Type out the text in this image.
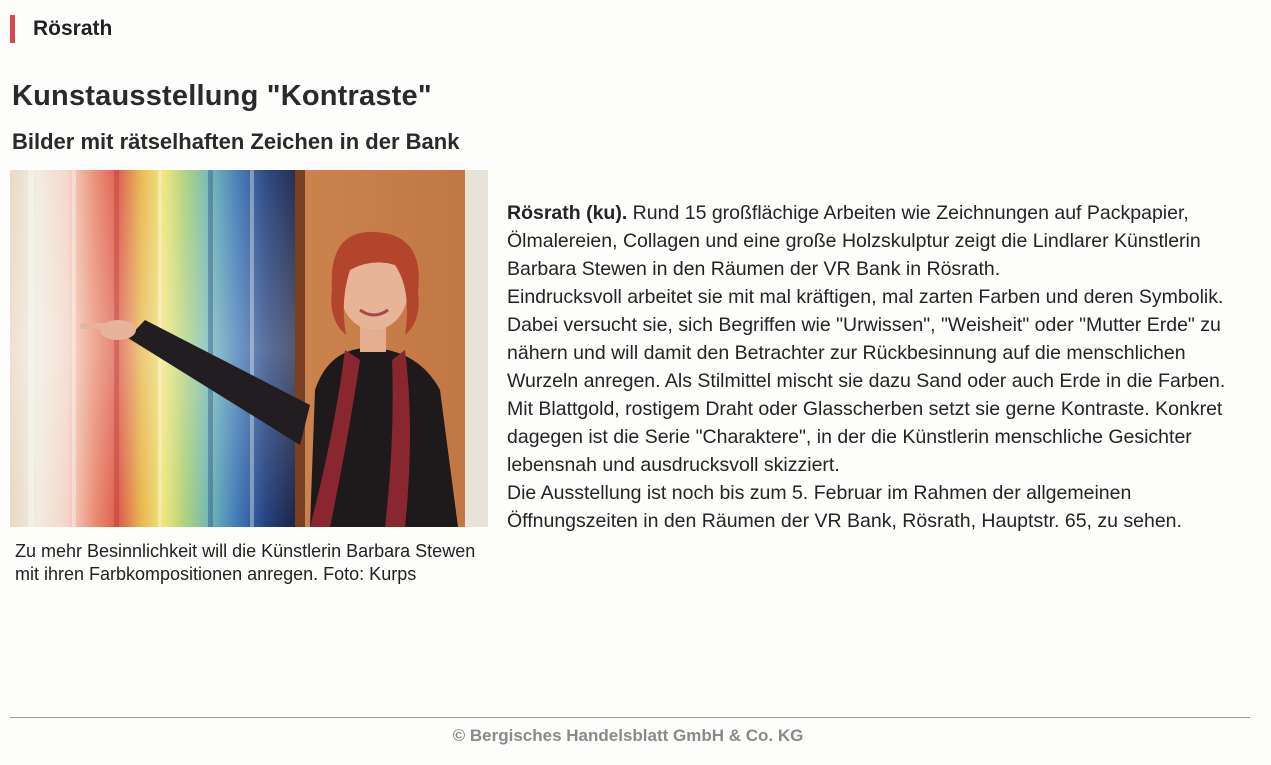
Rösrath
Kunstausstellung "Kontraste"
Bilder mit rätselhaften Zeichen in der Bank
Zu mehr Besinnlichkeit will die Künstlerin Barbara Stewen mit ihren Farbkompositionen anregen. Foto: Kurps

Rösrath (ku). Rund 15 großflächige Arbeiten wie Zeichnungen auf Packpapier, Ölmalereien, Collagen und eine große Holzskulptur zeigt die Lindlarer Künstlerin Barbara Stewen in den Räumen der VR Bank in Rösrath.

Eindrucksvoll arbeitet sie mit mal kräftigen, mal zarten Farben und deren Symbolik. Dabei versucht sie, sich Begriffen wie "Urwissen", "Weisheit" oder "Mutter Erde" zu nähern und will damit den Betrachter zur Rückbesinnung auf die menschlichen Wurzeln anregen. Als Stilmittel mischt sie dazu Sand oder auch Erde in die Farben. Mit Blattgold, rostigem Draht oder Glasscherben setzt sie gerne Kontraste. Konkret dagegen ist die Serie "Charaktere", in der die Künstlerin menschliche Gesichter lebensnah und ausdrucksvoll skizziert.

Die Ausstellung ist noch bis zum 5. Februar im Rahmen der allgemeinen Öffnungszeiten in den Räumen der VR Bank, Rösrath, Hauptstr. 65, zu sehen.

© Bergisches Handelsblatt GmbH & Co. KG
